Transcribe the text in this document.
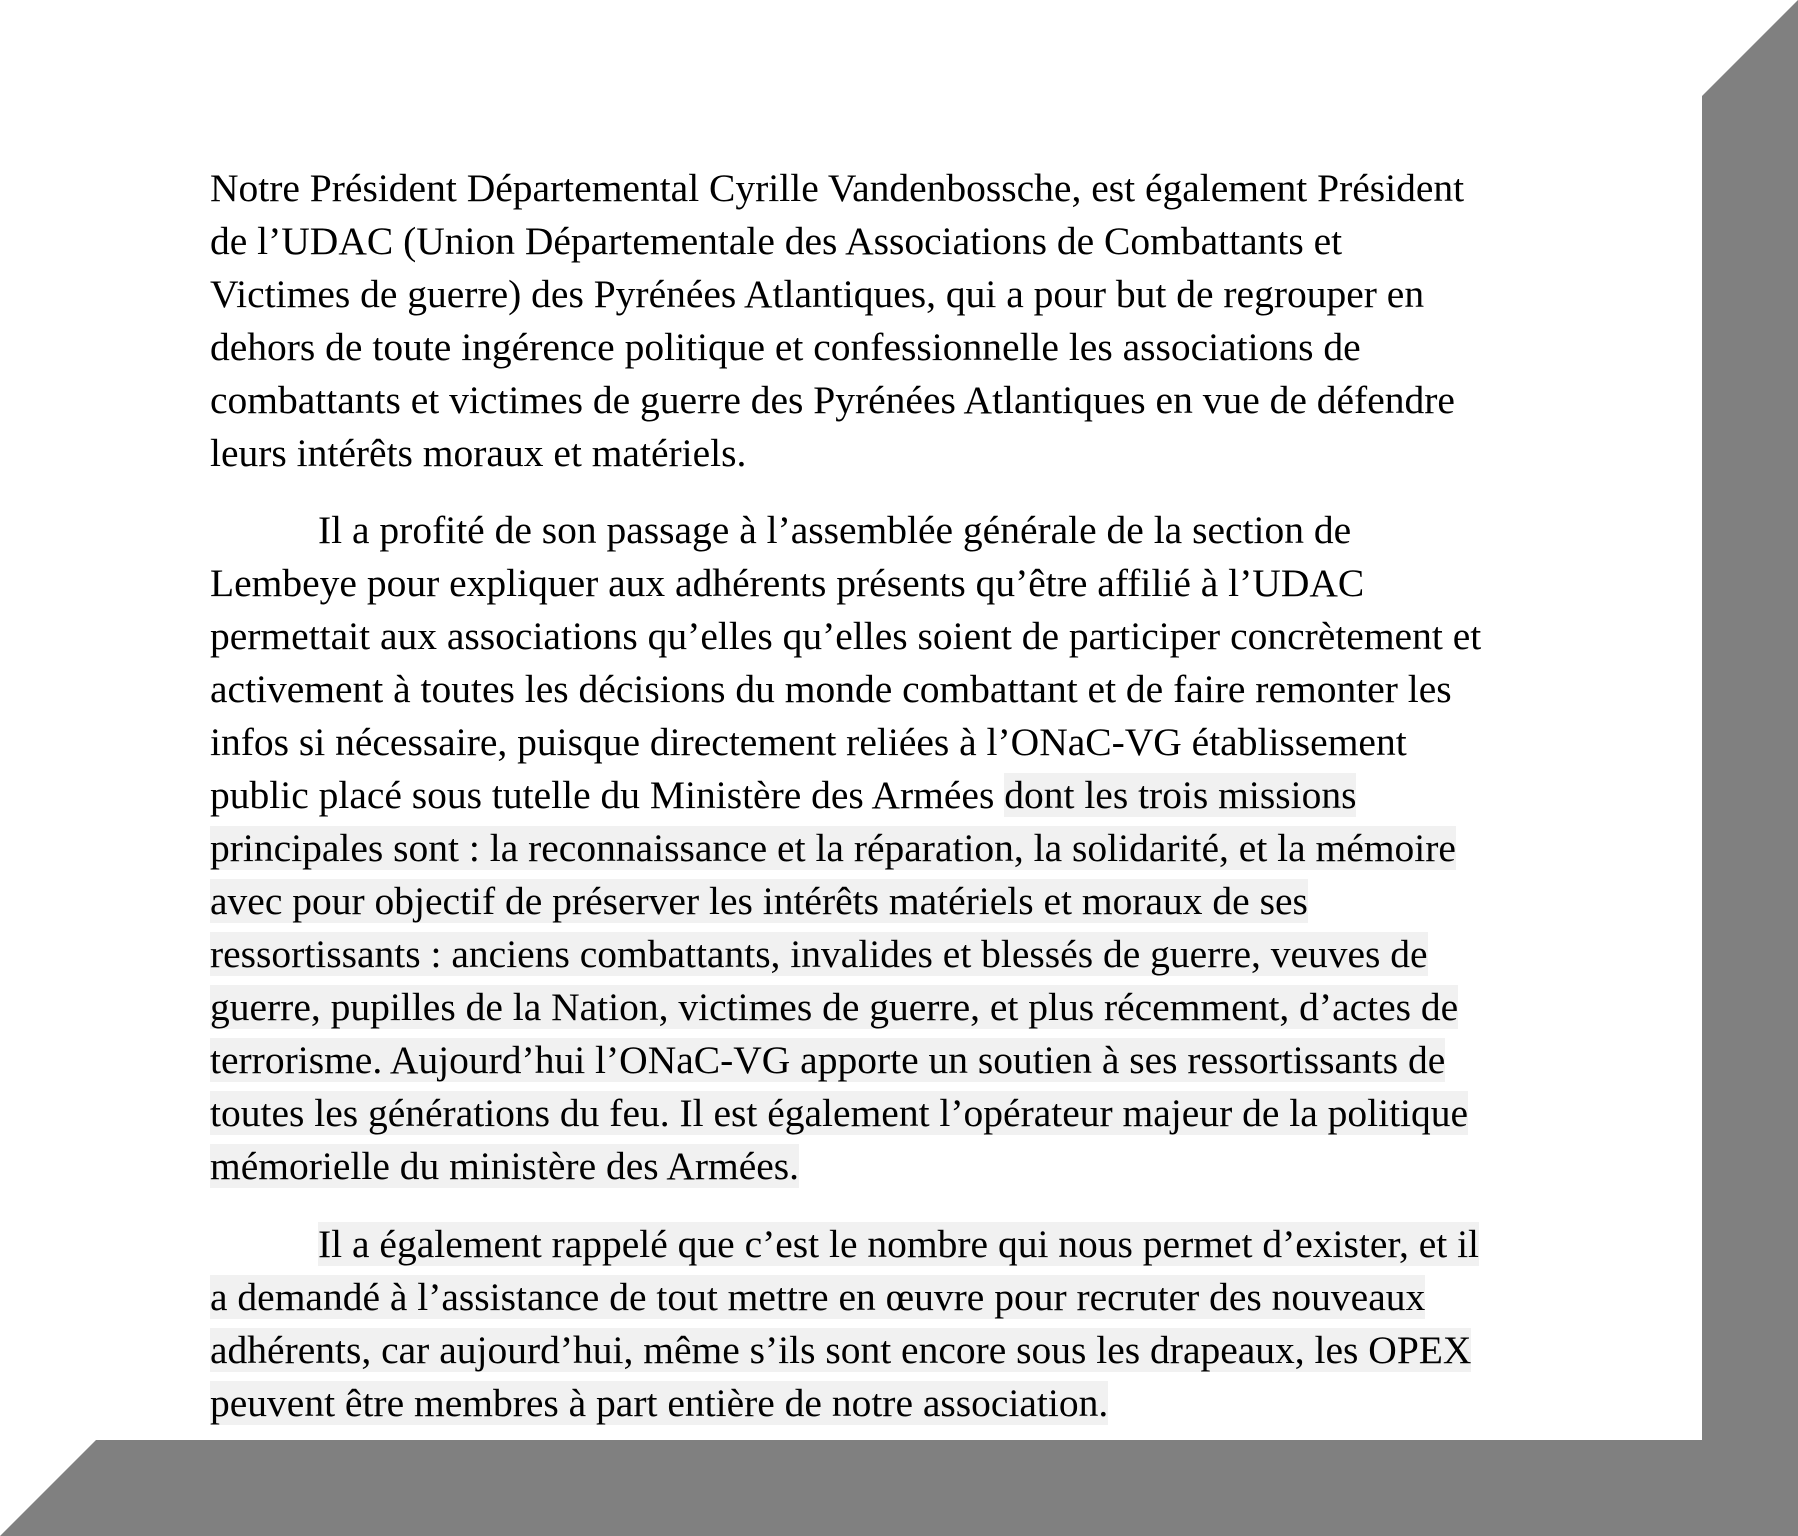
Notre Président Départemental Cyrille Vandenbossche, est également Président
de l’UDAC (Union Départementale des Associations de Combattants et
Victimes de guerre) des Pyrénées Atlantiques, qui a pour but de regrouper en
dehors de toute ingérence politique et confessionnelle les associations de
combattants et victimes de guerre des Pyrénées Atlantiques en vue de défendre
leurs intérêts moraux et matériels.
Il a profité de son passage à l’assemblée générale de la section de
Lembeye pour expliquer aux adhérents présents qu’être affilié à l’UDAC
permettait aux associations qu’elles qu’elles soient de participer concrètement et
activement à toutes les décisions du monde combattant et de faire remonter les
infos si nécessaire, puisque directement reliées à l’ONaC-VG établissement
public placé sous tutelle du Ministère des Armées dont les trois missions
principales sont : la reconnaissance et la réparation, la solidarité, et la mémoire
avec pour objectif de préserver les intérêts matériels et moraux de ses
ressortissants : anciens combattants, invalides et blessés de guerre, veuves de
guerre, pupilles de la Nation, victimes de guerre, et plus récemment, d’actes de
terrorisme. Aujourd’hui l’ONaC-VG apporte un soutien à ses ressortissants de
toutes les générations du feu. Il est également l’opérateur majeur de la politique
mémorielle du ministère des Armées.
Il a également rappelé que c’est le nombre qui nous permet d’exister, et il
a demandé à l’assistance de tout mettre en œuvre pour recruter des nouveaux
adhérents, car aujourd’hui, même s’ils sont encore sous les drapeaux, les OPEX
peuvent être membres à part entière de notre association.
